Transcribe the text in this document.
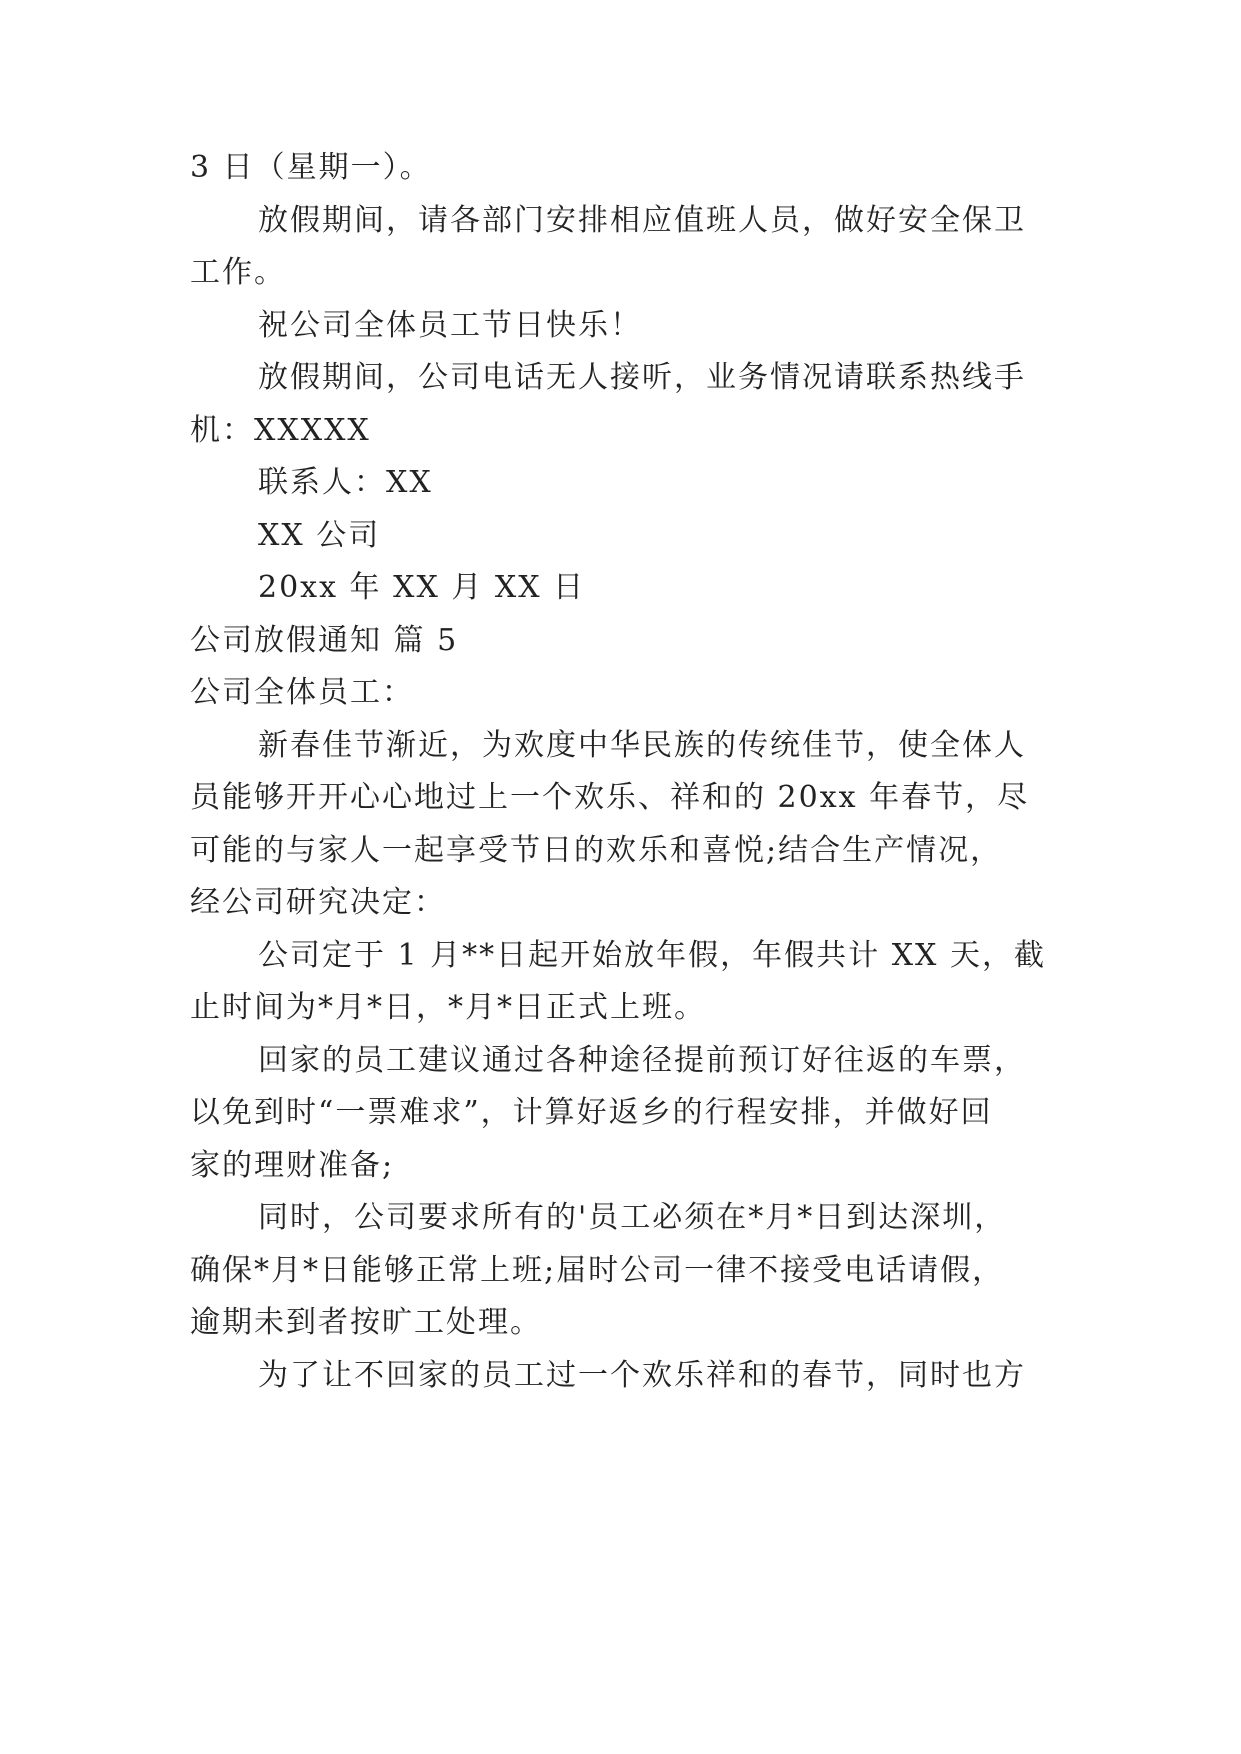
3 日（星期一）。
放假期间，请各部门安排相应值班人员，做好安全保卫
工作。
祝公司全体员工节日快乐！
放假期间，公司电话无人接听，业务情况请联系热线手
机：XXXXX
联系人：XX
XX 公司
20xx 年 XX 月 XX 日
公司放假通知 篇 5
公司全体员工：
新春佳节渐近，为欢度中华民族的传统佳节，使全体人
员能够开开心心地过上一个欢乐、祥和的 20xx 年春节，尽
可能的与家人一起享受节日的欢乐和喜悦;结合生产情况，
经公司研究决定：
公司定于 1 月**日起开始放年假，年假共计 XX 天，截
止时间为*月*日，*月*日正式上班。
回家的员工建议通过各种途径提前预订好往返的车票，
以免到时“一票难求”，计算好返乡的行程安排，并做好回
家的理财准备;
同时，公司要求所有的'员工必须在*月*日到达深圳，
确保*月*日能够正常上班;届时公司一律不接受电话请假，
逾期未到者按旷工处理。
为了让不回家的员工过一个欢乐祥和的春节，同时也方
